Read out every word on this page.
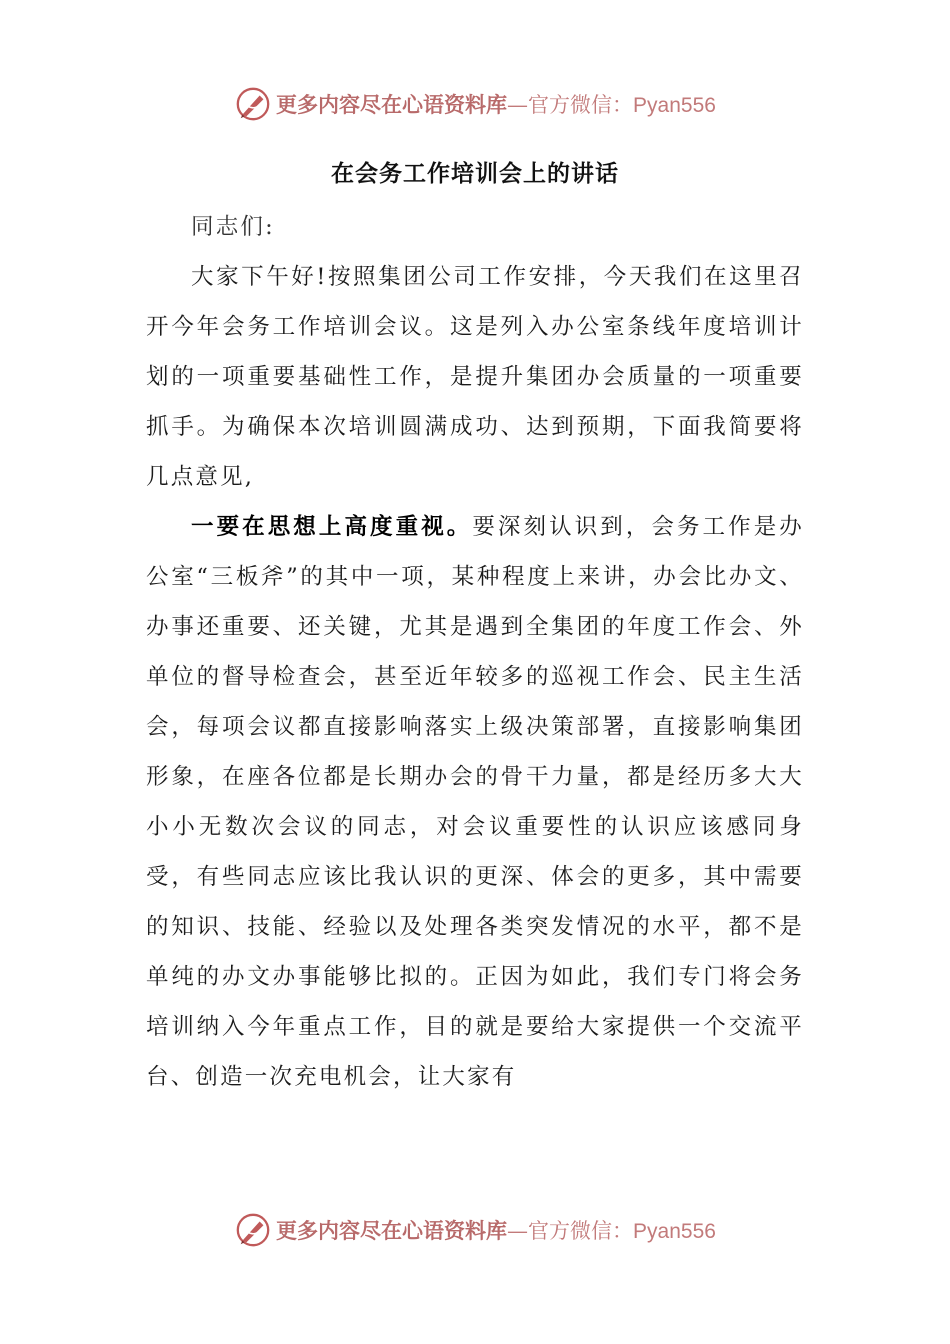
更多内容尽在心语资料库—官方微信：Pyan556
在会务工作培训会上的讲话

同志们:

大家下午好!按照集团公司工作安排，今天我们在这里召开今年会务工作培训会议。这是列入办公室条线年度培训计划的一项重要基础性工作，是提升集团办会质量的一项重要抓手。为确保本次培训圆满成功、达到预期，下面我简要将几点意见,

一要在思想上高度重视。要深刻认识到，会务工作是办公室“三板斧”的其中一项，某种程度上来讲，办会比办文、办事还重要、还关键，尤其是遇到全集团的年度工作会、外单位的督导检查会，甚至近年较多的巡视工作会、民主生活会，每项会议都直接影响落实上级决策部署，直接影响集团形象，在座各位都是长期办会的骨干力量，都是经历多大大小小无数次会议的同志，对会议重要性的认识应该感同身受，有些同志应该比我认识的更深、体会的更多，其中需要的知识、技能、经验以及处理各类突发情况的水平，都不是单纯的办文办事能够比拟的。正因为如此，我们专门将会务培训纳入今年重点工作，目的就是要给大家提供一个交流平台、创造一次充电机会，让大家有

更多内容尽在心语资料库—官方微信：Pyan556
